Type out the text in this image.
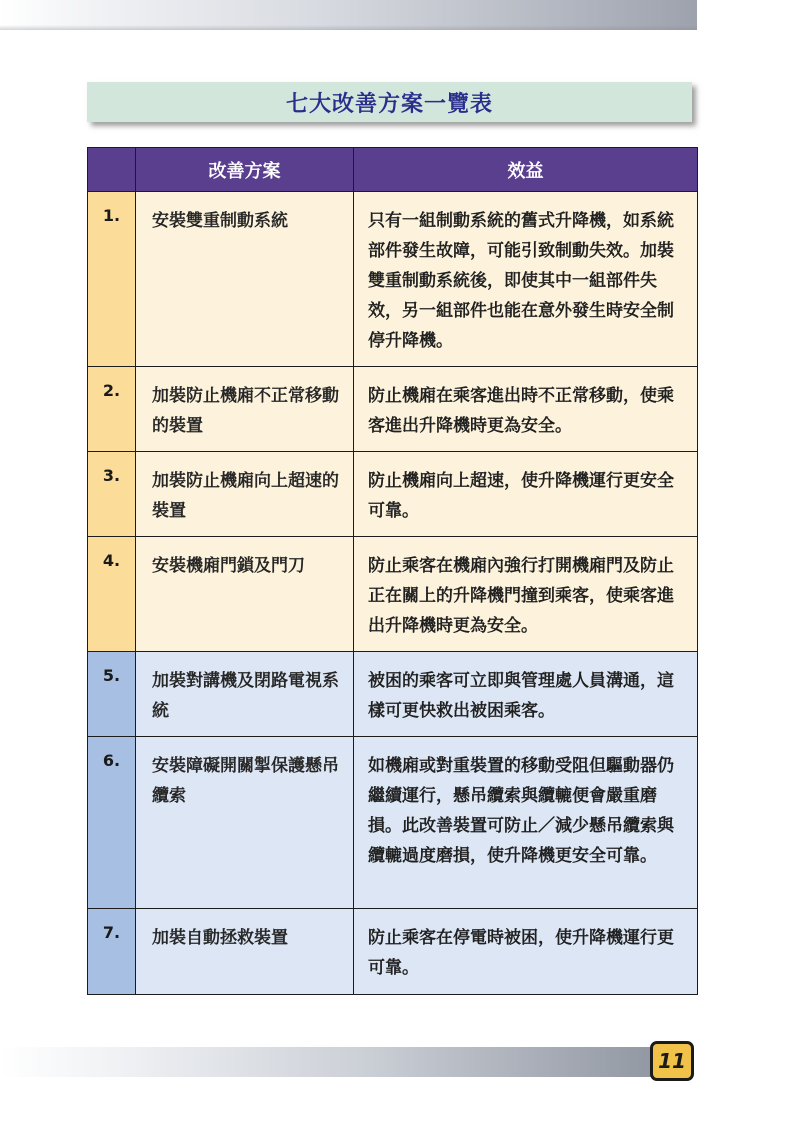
七大改善方案一覽表
	改善方案	效益
1.	安裝雙重制動系統	只有一組制動系統的舊式升降機，如系統部件發生故障，可能引致制動失效。加裝雙重制動系統後，即使其中一組部件失效，另一組部件也能在意外發生時安全制停升降機。
2.	加裝防止機廂不正常移動的裝置	防止機廂在乘客進出時不正常移動，使乘客進出升降機時更為安全。
3.	加裝防止機廂向上超速的裝置	防止機廂向上超速，使升降機運行更安全可靠。
4.	安裝機廂門鎖及門刀	防止乘客在機廂內強行打開機廂門及防止正在關上的升降機門撞到乘客，使乘客進出升降機時更為安全。
5.	加裝對講機及閉路電視系統	被困的乘客可立即與管理處人員溝通，這樣可更快救出被困乘客。
6.	安裝障礙開關掣保護懸吊纜索	如機廂或對重裝置的移動受阻但驅動器仍繼續運行，懸吊纜索與纜轆便會嚴重磨損。此改善裝置可防止／減少懸吊纜索與纜轆過度磨損，使升降機更安全可靠。
7.	加裝自動拯救裝置	防止乘客在停電時被困，使升降機運行更可靠。
11
